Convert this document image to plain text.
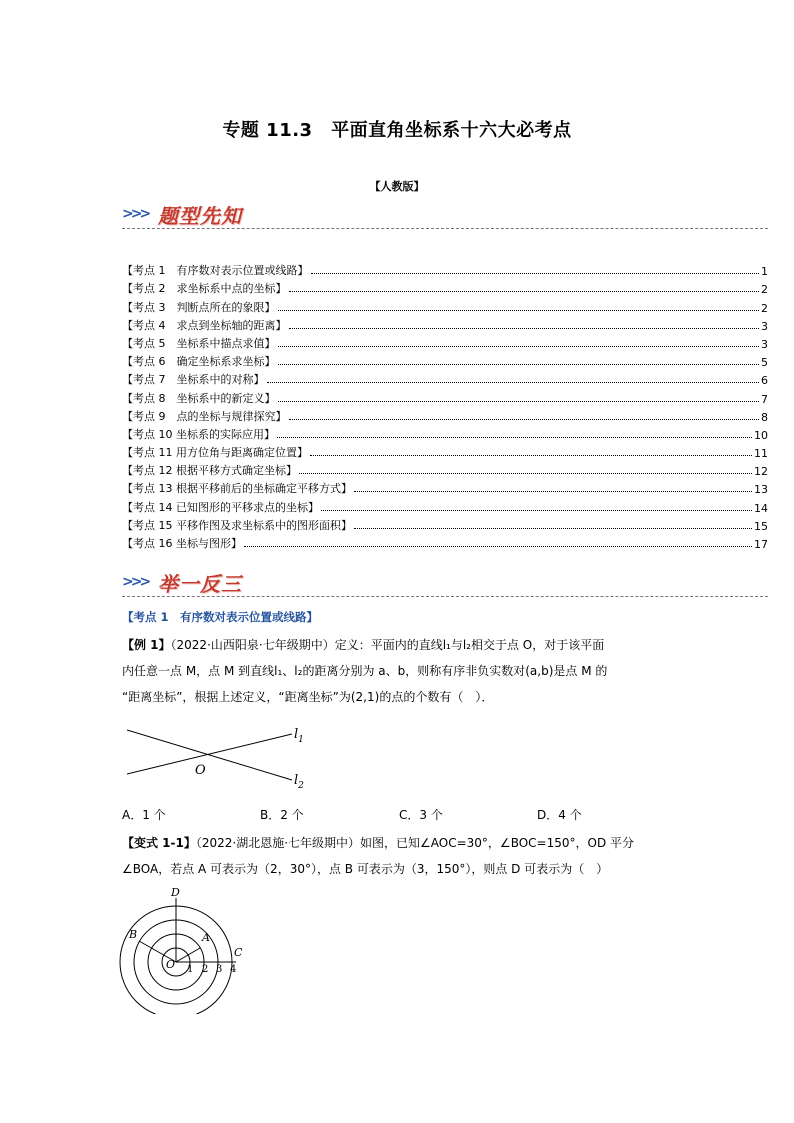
专题 11.3　平面直角坐标系十六大必考点
【人教版】
>>> 题型先知
【考点 1　有序数对表示位置或线路】	1
【考点 2　求坐标系中点的坐标】	2
【考点 3　判断点所在的象限】	2
【考点 4　求点到坐标轴的距离】	3
【考点 5　坐标系中描点求值】	3
【考点 6　确定坐标系求坐标】	5
【考点 7　坐标系中的对称】	6
【考点 8　坐标系中的新定义】	7
【考点 9　点的坐标与规律探究】	8
【考点 10 坐标系的实际应用】	10
【考点 11 用方位角与距离确定位置】	11
【考点 12 根据平移方式确定坐标】	12
【考点 13 根据平移前后的坐标确定平移方式】	13
【考点 14 已知图形的平移求点的坐标】	14
【考点 15 平移作图及求坐标系中的图形面积】	15
【考点 16 坐标与图形】	17
>>> 举一反三
【考点 1　有序数对表示位置或线路】
【例 1】（2022·山西阳泉·七年级期中）定义：平面内的直线l₁与l₂相交于点 O，对于该平面
内任意一点 M，点 M 到直线l₁、l₂的距离分别为 a、b，则称有序非负实数对(a,b)是点 M 的
“距离坐标”，根据上述定义，“距离坐标”为(2,1)的点的个数有（　）．
$l_1$
$l_2$
O
A．1 个	B．2 个	C．3 个	D．4 个
【变式 1-1】（2022·湖北恩施·七年级期中）如图，已知∠AOC=30°，∠BOC=150°，OD 平分
∠BOA，若点 A 可表示为（2，30°），点 B 可表示为（3，150°），则点 D 可表示为（　）
D
B	A
C
O 1 2 3 4
